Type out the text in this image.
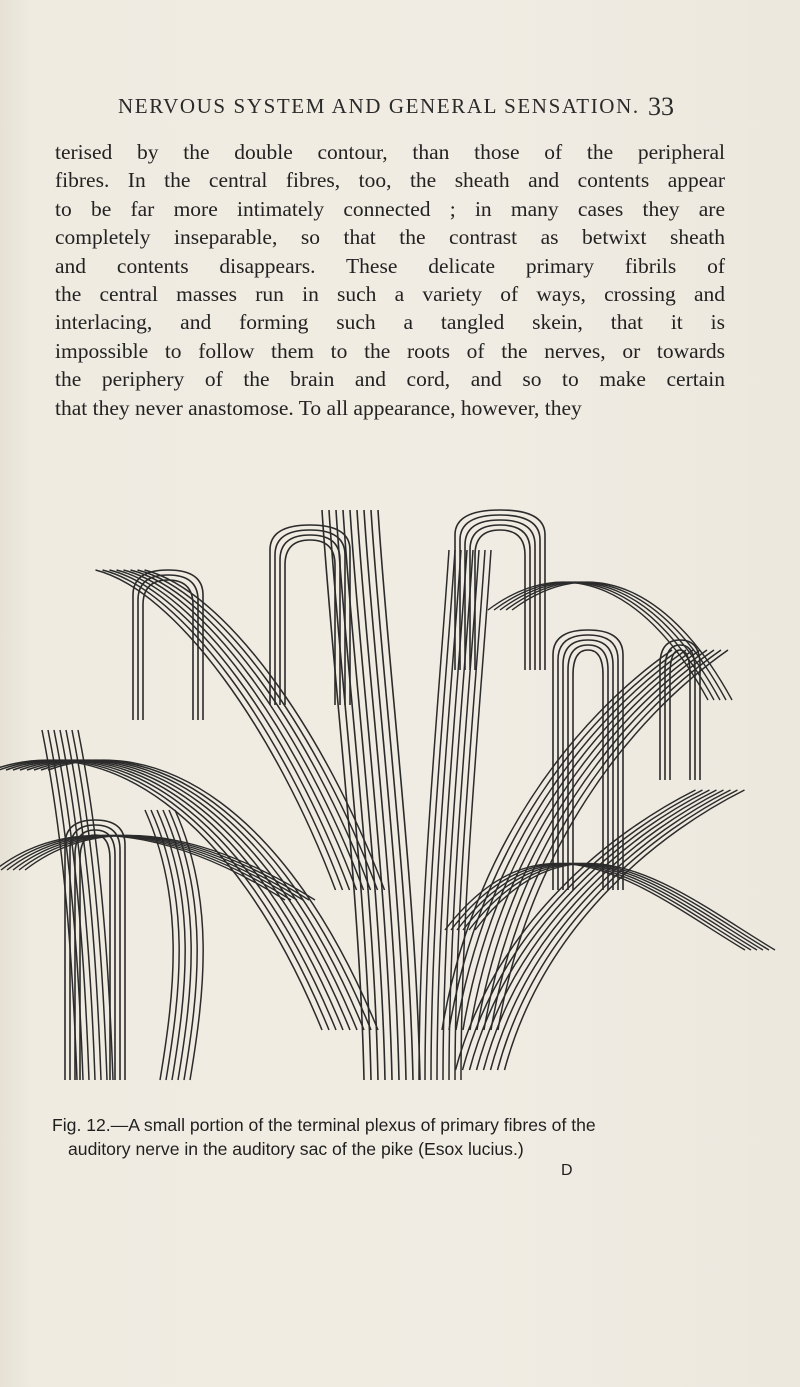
NERVOUS SYSTEM AND GENERAL SENSATION. 33
terised by the double contour, than those of the peripheral
fibres. In the central fibres, too, the sheath and contents appear
to be far more intimately connected ; in many cases they are
completely inseparable, so that the contrast as betwixt sheath
and contents disappears. These delicate primary fibrils of
the central masses run in such a variety of ways, crossing and
interlacing, and forming such a tangled skein, that it is
impossible to follow them to the roots of the nerves, or towards
the periphery of the brain and cord, and so to make certain
that they never anastomose. To all appearance, however, they
Fig. 12.—A small portion of the terminal plexus of primary fibres of the
auditory nerve in the auditory sac of the pike (Esox lucius.)
D
